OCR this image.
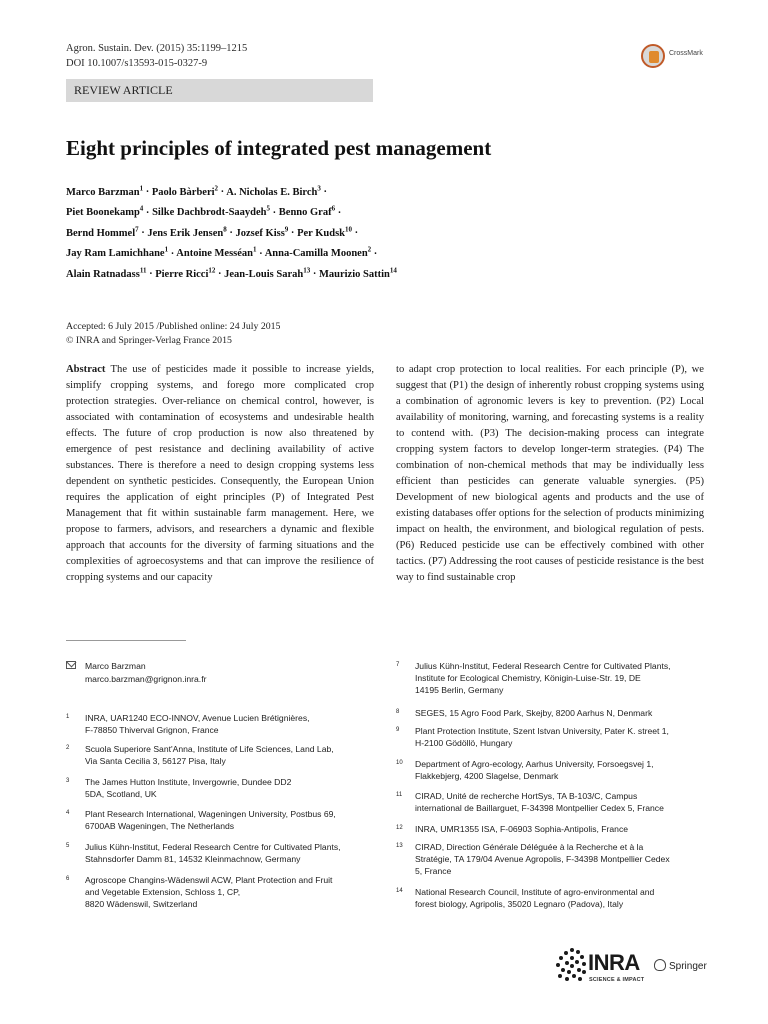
Agron. Sustain. Dev. (2015) 35:1199–1215
DOI 10.1007/s13593-015-0327-9
CrossMark
REVIEW ARTICLE
Eight principles of integrated pest management
Marco Barzman$^1$ · Paolo Bàrberi$^2$ · A. Nicholas E. Birch$^3$ ·
Piet Boonekamp$^4$ · Silke Dachbrodt-Saaydeh$^5$ · Benno Graf$^6$ ·
Bernd Hommel$^7$ · Jens Erik Jensen$^8$ · Jozsef Kiss$^9$ · Per Kudsk$^{10}$ ·
Jay Ram Lamichhane$^1$ · Antoine Messéan$^1$ · Anna-Camilla Moonen$^2$ ·
Alain Ratnadass$^{11}$ · Pierre Ricci$^{12}$ · Jean-Louis Sarah$^{13}$ · Maurizio Sattin$^{14}$
Accepted: 6 July 2015 /Published online: 24 July 2015
© INRA and Springer-Verlag France 2015
Abstract The use of pesticides made it possible to increase yields, simplify cropping systems, and forego more complicated crop protection strategies. Over-reliance on chemical control, however, is associated with contamination of ecosystems and undesirable health effects. The future of crop production is now also threatened by emergence of pest resistance and declining availability of active substances. There is therefore a need to design cropping systems less dependent on synthetic pesticides. Consequently, the European Union requires the application of eight principles (P) of Integrated Pest Management that fit within sustainable farm management. Here, we propose to farmers, advisors, and researchers a dynamic and flexible approach that accounts for the diversity of farming situations and the complexities of agroecosystems and that can improve the resilience of cropping systems and our capacity
to adapt crop protection to local realities. For each principle (P), we suggest that (P1) the design of inherently robust cropping systems using a combination of agronomic levers is key to prevention. (P2) Local availability of monitoring, warning, and forecasting systems is a reality to contend with. (P3) The decision-making process can integrate cropping system factors to develop longer-term strategies. (P4) The combination of non-chemical methods that may be individually less efficient than pesticides can generate valuable synergies. (P5) Development of new biological agents and products and the use of existing databases offer options for the selection of products minimizing impact on health, the environment, and biological regulation of pests. (P6) Reduced pesticide use can be effectively combined with other tactics. (P7) Addressing the root causes of pesticide resistance is the best way to find sustainable crop
Marco Barzman
marco.barzman@grignon.inra.fr
1 INRA, UAR1240 ECO-INNOV, Avenue Lucien Brétignières,
F-78850 Thiverval Grignon, France
2 Scuola Superiore Sant'Anna, Institute of Life Sciences, Land Lab,
Via Santa Cecilia 3, 56127 Pisa, Italy
3 The James Hutton Institute, Invergowrie, Dundee DD2
5DA, Scotland, UK
4 Plant Research International, Wageningen University, Postbus 69,
6700AB Wageningen, The Netherlands
5 Julius Kühn-Institut, Federal Research Centre for Cultivated Plants,
Stahnsdorfer Damm 81, 14532 Kleinmachnow, Germany
6 Agroscope Changins-Wädenswil ACW, Plant Protection and Fruit
and Vegetable Extension, Schloss 1, CP,
8820 Wädenswil, Switzerland
7 Julius Kühn-Institut, Federal Research Centre for Cultivated Plants,
Institute for Ecological Chemistry, Königin-Luise-Str. 19, DE
14195 Berlin, Germany
8 SEGES, 15 Agro Food Park, Skejby, 8200 Aarhus N, Denmark
9 Plant Protection Institute, Szent Istvan University, Pater K. street 1,
H-2100 Gödöllö, Hungary
10 Department of Agro-ecology, Aarhus University, Forsoegsvej 1,
Flakkebjerg, 4200 Slagelse, Denmark
11 CIRAD, Unité de recherche HortSys, TA B-103/C, Campus
international de Baillarguet, F-34398 Montpellier Cedex 5, France
12 INRA, UMR1355 ISA, F-06903 Sophia-Antipolis, France
13 CIRAD, Direction Générale Déléguée à la Recherche et à la
Stratégie, TA 179/04 Avenue Agropolis, F-34398 Montpellier Cedex
5, France
14 National Research Council, Institute of agro-environmental and
forest biology, Agripolis, 35020 Legnaro (Padova), Italy
INRA
SCIENCE & IMPACT
Springer
